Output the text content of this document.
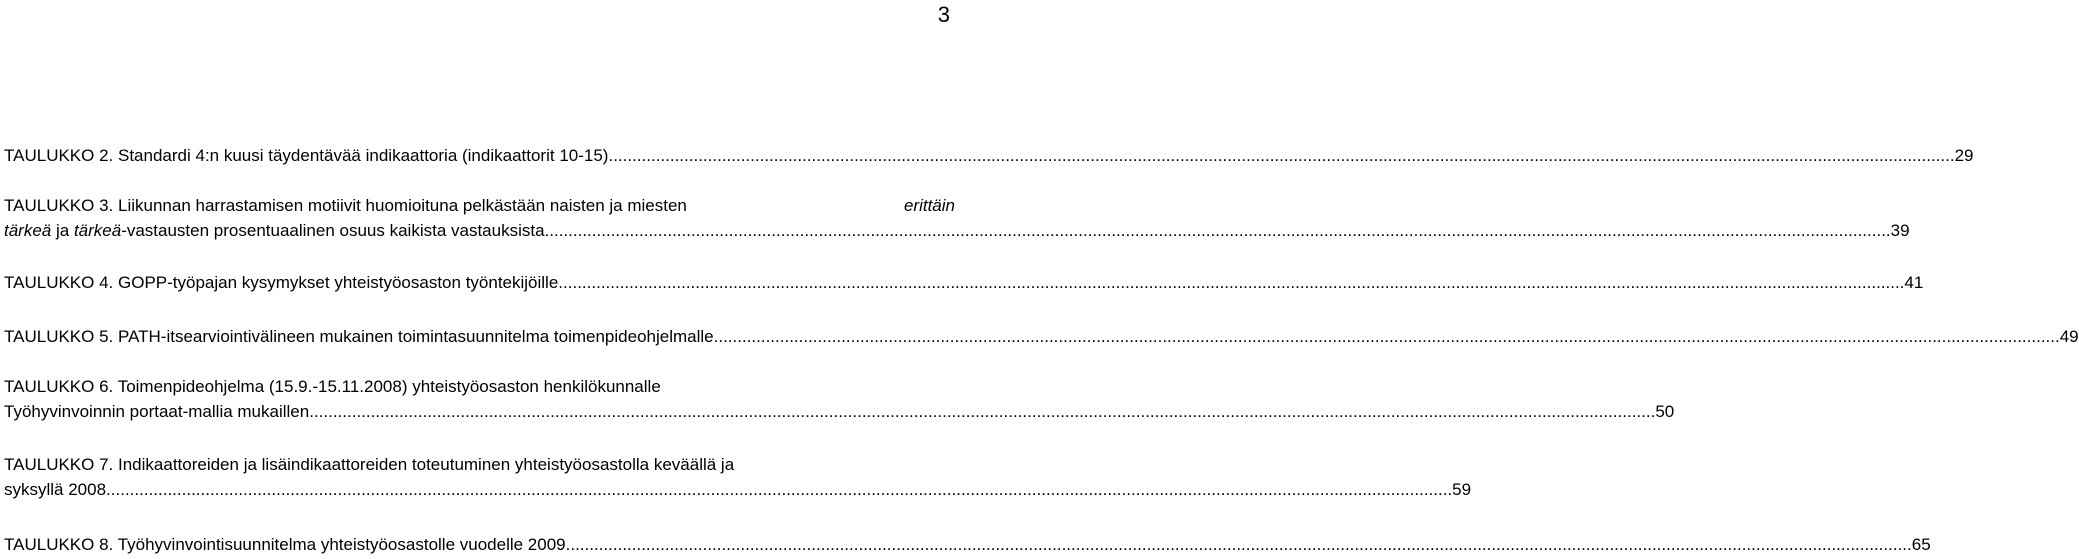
3
TAULUKKO 2. Standardi 4:n kuusi täydentävää indikaattoria (indikaattorit 10-15). .....	29
TAULUKKO 3. Liikunnan harrastamisen motiivit huomioituna pelkästään naisten ja miesten	erittäin
tärkeä ja tärkeä-vastausten prosentuaalinen osuus kaikista vastauksista. .....	39
TAULUKKO 4. GOPP-työpajan kysymykset yhteistyöosaston työntekijöille. .....	41
TAULUKKO 5. PATH-itsearviointivälineen mukainen toimintasuunnitelma toimenpideohjelmalle. .....	49
TAULUKKO 6. Toimenpideohjelma (15.9.-15.11.2008) yhteistyöosaston henkilökunnalle
Työhyvinvoinnin portaat-mallia mukaillen. .....	50
TAULUKKO 7. Indikaattoreiden ja lisäindikaattoreiden toteutuminen yhteistyöosastolla keväällä ja
syksyllä 2008. .....	59
TAULUKKO 8. Työhyvinvointisuunnitelma yhteistyöosastolle vuodelle 2009. .....	65
